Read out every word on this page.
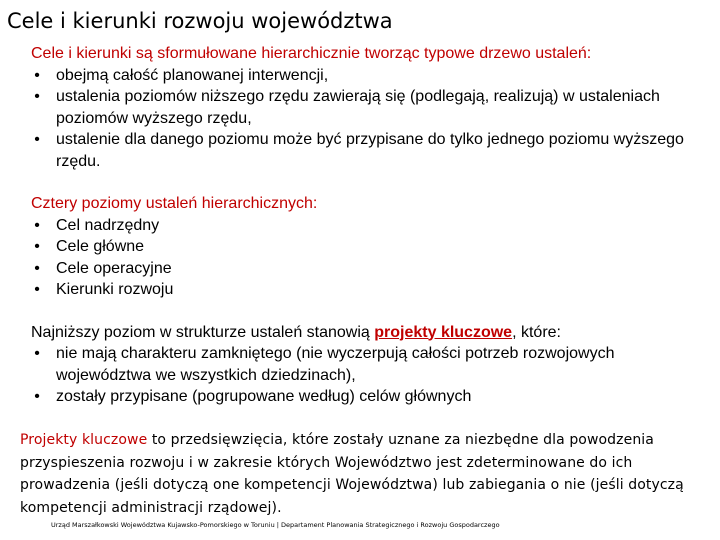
Cele i kierunki rozwoju województwa

Cele i kierunki są sformułowane hierarchicznie tworząc typowe drzewo ustaleń:

• obejmą całość planowanej interwencji,
• ustalenia poziomów niższego rzędu zawierają się (podlegają, realizują) w ustaleniach poziomów wyższego rzędu,
• ustalenie dla danego poziomu może być przypisane do tylko jednego poziomu wyższego rzędu.

Cztery poziomy ustaleń hierarchicznych:

• Cel nadrzędny
• Cele główne
• Cele operacyjne
• Kierunki rozwoju

Najniższy poziom w strukturze ustaleń stanowią projekty kluczowe, które:

• nie mają charakteru zamkniętego (nie wyczerpują całości potrzeb rozwojowych województwa we wszystkich dziedzinach),
• zostały przypisane (pogrupowane według) celów głównych

Projekty kluczowe to przedsięwzięcia, które zostały uznane za niezbędne dla powodzenia przyspieszenia rozwoju i w zakresie których Województwo jest zdeterminowane do ich prowadzenia (jeśli dotyczą one kompetencji Województwa) lub zabiegania o nie (jeśli dotyczą kompetencji administracji rządowej).

Urząd Marszałkowski Województwa Kujawsko-Pomorskiego w Toruniu | Departament Planowania Strategicznego i Rozwoju Gospodarczego
